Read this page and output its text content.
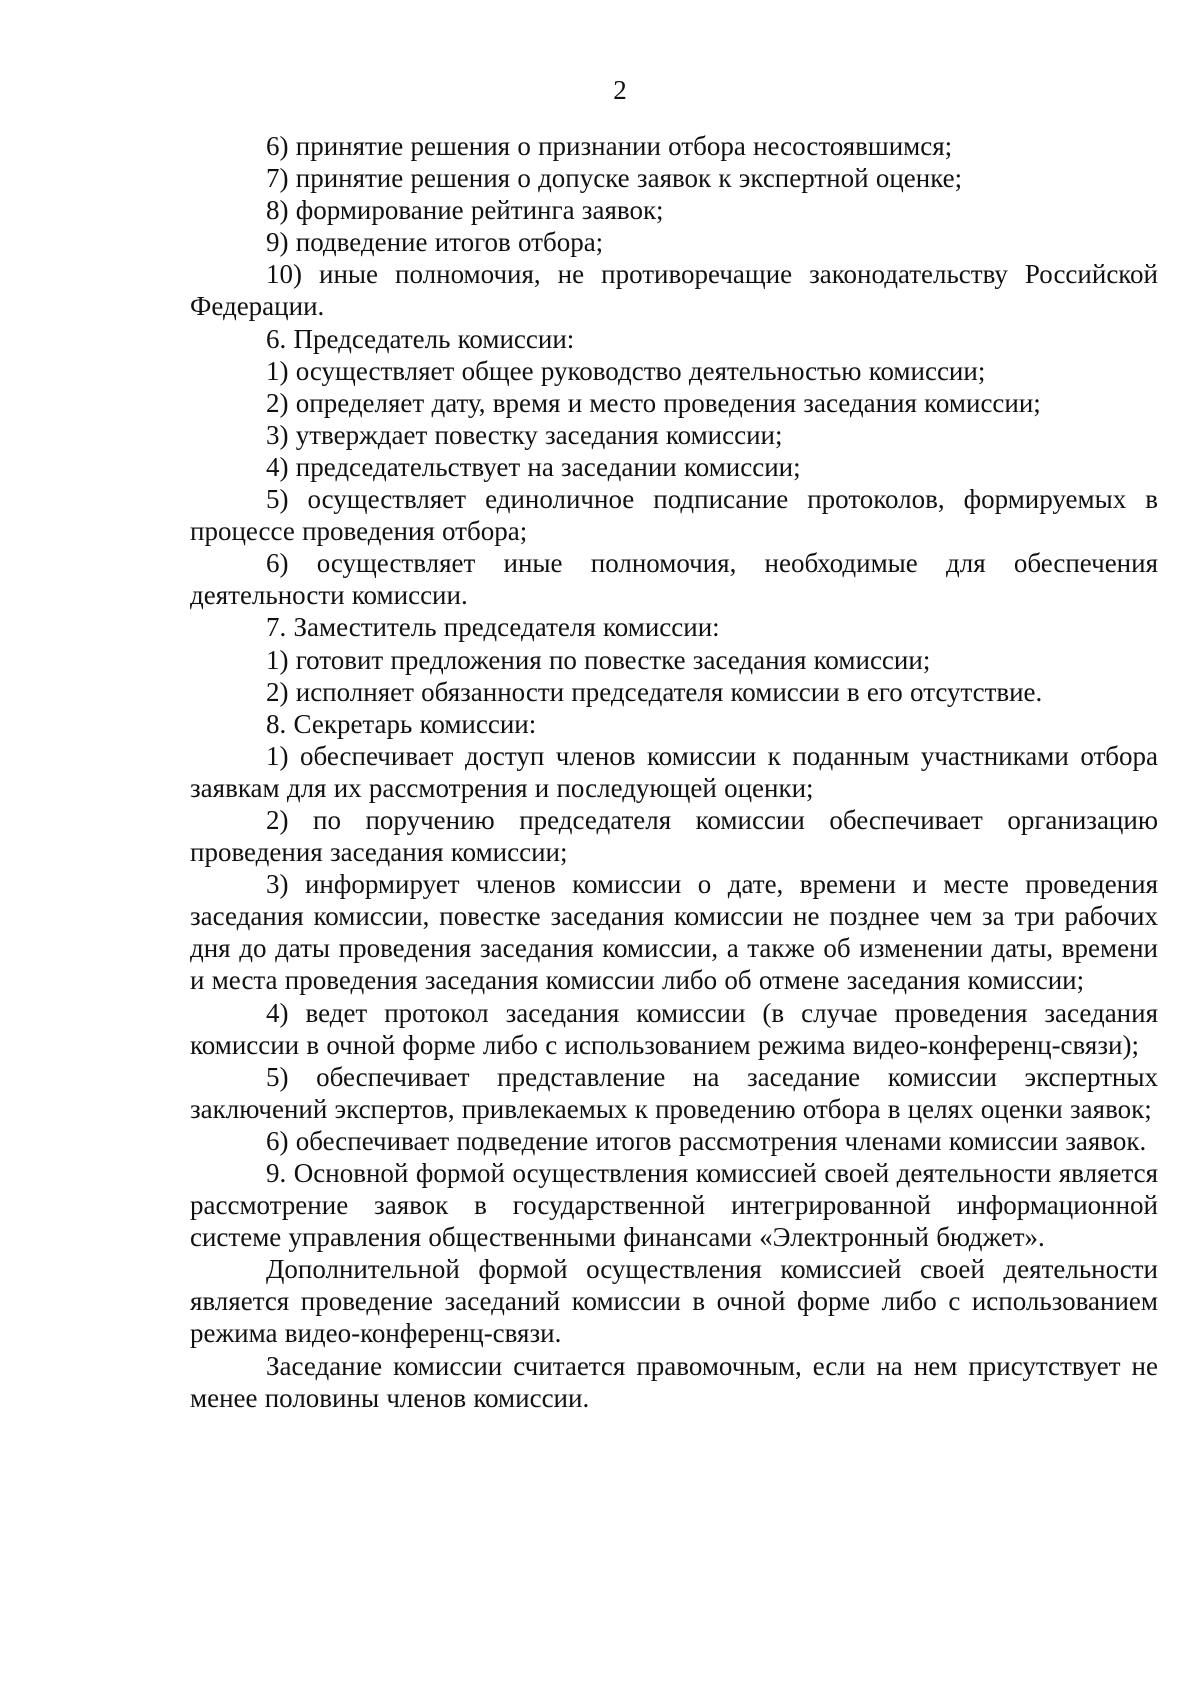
2

6) принятие решения о признании отбора несостоявшимся;

7) принятие решения о допуске заявок к экспертной оценке;

8) формирование рейтинга заявок;

9) подведение итогов отбора;

10) иные полномочия, не противоречащие законодательству Российской Федерации.

6. Председатель комиссии:

1) осуществляет общее руководство деятельностью комиссии;

2) определяет дату, время и место проведения заседания комиссии;

3) утверждает повестку заседания комиссии;

4) председательствует на заседании комиссии;

5) осуществляет единоличное подписание протоколов, формируемых в процессе проведения отбора;

6) осуществляет иные полномочия, необходимые для обеспечения деятельности комиссии.

7. Заместитель председателя комиссии:

1) готовит предложения по повестке заседания комиссии;

2) исполняет обязанности председателя комиссии в его отсутствие.

8. Секретарь комиссии:

1) обеспечивает доступ членов комиссии к поданным участниками отбора заявкам для их рассмотрения и последующей оценки;

2) по поручению председателя комиссии обеспечивает организацию проведения заседания комиссии;

3) информирует членов комиссии о дате, времени и месте проведения заседания комиссии, повестке заседания комиссии не позднее чем за три рабочих дня до даты проведения заседания комиссии, а также об изменении даты, времени и места проведения заседания комиссии либо об отмене заседания комиссии;

4) ведет протокол заседания комиссии (в случае проведения заседания комиссии в очной форме либо с использованием режима видео-конференц-связи);

5) обеспечивает представление на заседание комиссии экспертных заключений экспертов, привлекаемых к проведению отбора в целях оценки заявок;

6) обеспечивает подведение итогов рассмотрения членами комиссии заявок.

9. Основной формой осуществления комиссией своей деятельности является рассмотрение заявок в государственной интегрированной информационной системе управления общественными финансами «Электронный бюджет».

Дополнительной формой осуществления комиссией своей деятельности является проведение заседаний комиссии в очной форме либо с использованием режима видео-конференц-связи.

Заседание комиссии считается правомочным, если на нем присутствует не менее половины членов комиссии.
